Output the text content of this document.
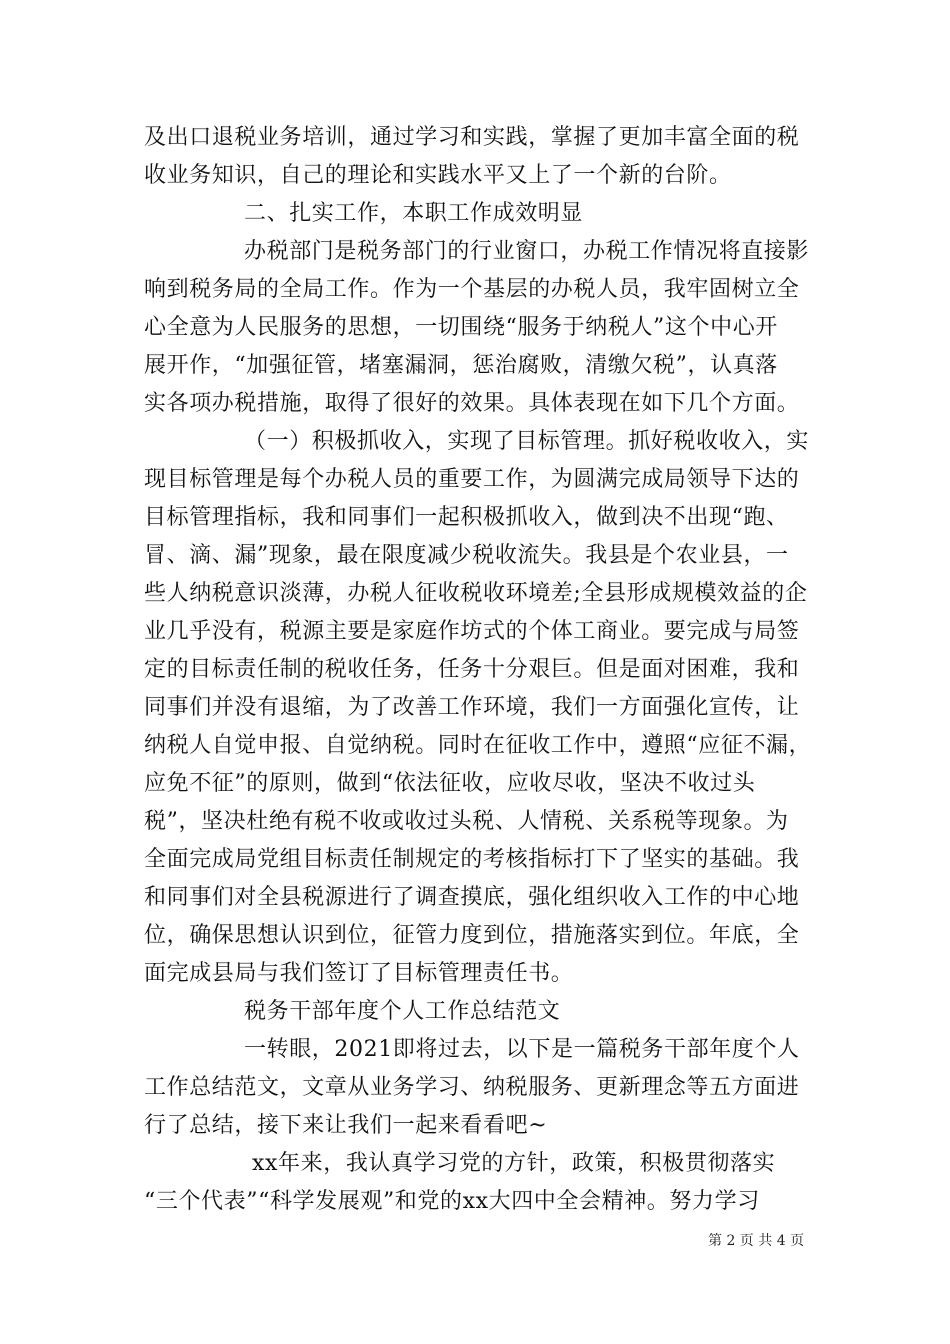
及出口退税业务培训，通过学习和实践，掌握了更加丰富全面的税
收业务知识，自己的理论和实践水平又上了一个新的台阶。
二、扎实工作，本职工作成效明显
办税部门是税务部门的行业窗口，办税工作情况将直接影
响到税务局的全局工作。作为一个基层的办税人员，我牢固树立全
心全意为人民服务的思想，一切围绕“服务于纳税人”这个中心开
展开作，“加强征管，堵塞漏洞，惩治腐败，清缴欠税”，认真落
实各项办税措施，取得了很好的效果。具体表现在如下几个方面。
（一）积极抓收入，实现了目标管理。抓好税收收入，实
现目标管理是每个办税人员的重要工作，为圆满完成局领导下达的
目标管理指标，我和同事们一起积极抓收入，做到决不出现“跑、
冒、滴、漏”现象，最在限度减少税收流失。我县是个农业县，一
些人纳税意识淡薄，办税人征收税收环境差;全县形成规模效益的企
业几乎没有，税源主要是家庭作坊式的个体工商业。要完成与局签
定的目标责任制的税收任务，任务十分艰巨。但是面对困难，我和
同事们并没有退缩，为了改善工作环境，我们一方面强化宣传，让
纳税人自觉申报、自觉纳税。同时在征收工作中，遵照“应征不漏，
应免不征”的原则，做到“依法征收，应收尽收，坚决不收过头
税”，坚决杜绝有税不收或收过头税、人情税、关系税等现象。为
全面完成局党组目标责任制规定的考核指标打下了坚实的基础。我
和同事们对全县税源进行了调查摸底，强化组织收入工作的中心地
位，确保思想认识到位，征管力度到位，措施落实到位。年底，全
面完成县局与我们签订了目标管理责任书。
税务干部年度个人工作总结范文
一转眼，2021即将过去，以下是一篇税务干部年度个人
工作总结范文，文章从业务学习、纳税服务、更新理念等五方面进
行了总结，接下来让我们一起来看看吧~
xx年来，我认真学习党的方针，政策，积极贯彻落实
“三个代表”“科学发展观”和党的xx大四中全会精神。努力学习
第 2 页 共 4 页
